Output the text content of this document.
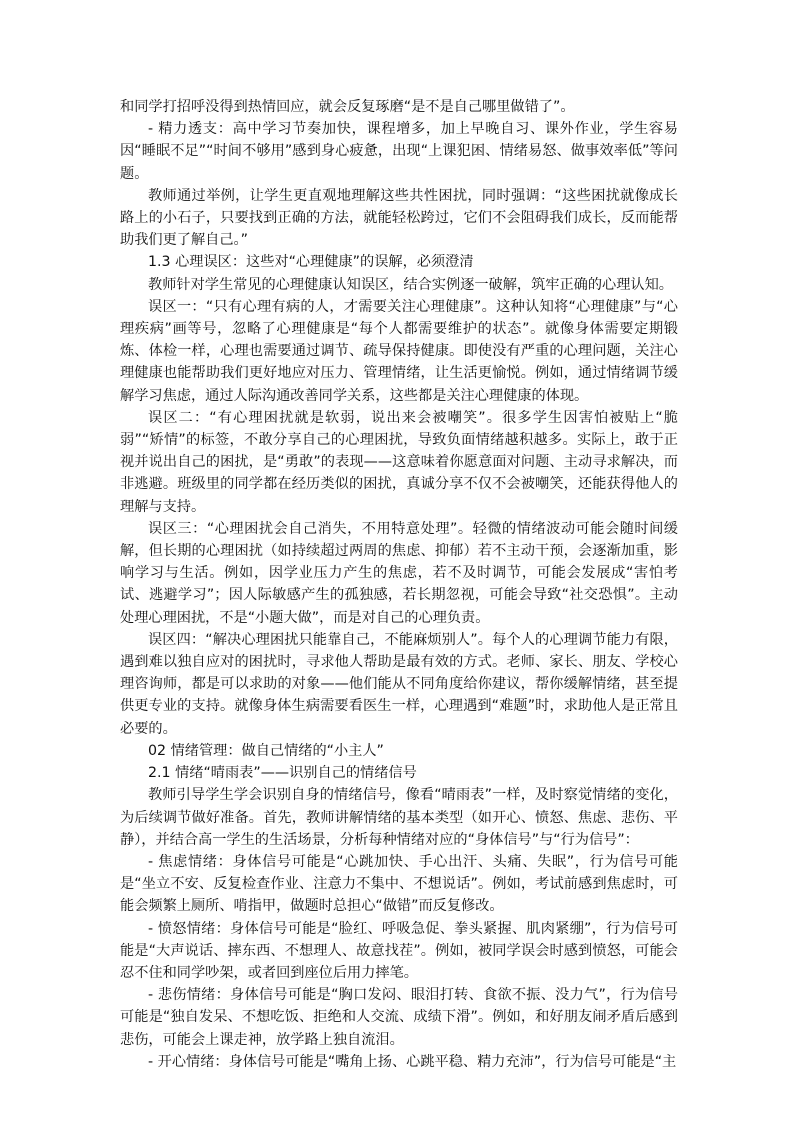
和同学打招呼没得到热情回应，就会反复琢磨“是不是自己哪里做错了”。

- 精力透支：高中学习节奏加快，课程增多，加上早晚自习、课外作业，学生容易因“睡眠不足”“时间不够用”感到身心疲惫，出现“上课犯困、情绪易怒、做事效率低”等问题。

教师通过举例，让学生更直观地理解这些共性困扰，同时强调：“这些困扰就像成长路上的小石子，只要找到正确的方法，就能轻松跨过，它们不会阻碍我们成长，反而能帮助我们更了解自己。”

1.3 心理误区：这些对“心理健康”的误解，必须澄清

教师针对学生常见的心理健康认知误区，结合实例逐一破解，筑牢正确的心理认知。

误区一：“只有心理有病的人，才需要关注心理健康”。这种认知将“心理健康”与“心理疾病”画等号，忽略了心理健康是“每个人都需要维护的状态”。就像身体需要定期锻炼、体检一样，心理也需要通过调节、疏导保持健康。即使没有严重的心理问题，关注心理健康也能帮助我们更好地应对压力、管理情绪，让生活更愉悦。例如，通过情绪调节缓解学习焦虑，通过人际沟通改善同学关系，这些都是关注心理健康的体现。

误区二：“有心理困扰就是软弱，说出来会被嘲笑”。很多学生因害怕被贴上“脆弱”“矫情”的标签，不敢分享自己的心理困扰，导致负面情绪越积越多。实际上，敢于正视并说出自己的困扰，是“勇敢”的表现——这意味着你愿意面对问题、主动寻求解决，而非逃避。班级里的同学都在经历类似的困扰，真诚分享不仅不会被嘲笑，还能获得他人的理解与支持。

误区三：“心理困扰会自己消失，不用特意处理”。轻微的情绪波动可能会随时间缓解，但长期的心理困扰（如持续超过两周的焦虑、抑郁）若不主动干预，会逐渐加重，影响学习与生活。例如，因学业压力产生的焦虑，若不及时调节，可能会发展成“害怕考试、逃避学习”；因人际敏感产生的孤独感，若长期忽视，可能会导致“社交恐惧”。主动处理心理困扰，不是“小题大做”，而是对自己的心理负责。

误区四：“解决心理困扰只能靠自己，不能麻烦别人”。每个人的心理调节能力有限，遇到难以独自应对的困扰时，寻求他人帮助是最有效的方式。老师、家长、朋友、学校心理咨询师，都是可以求助的对象——他们能从不同角度给你建议，帮你缓解情绪，甚至提供更专业的支持。就像身体生病需要看医生一样，心理遇到“难题”时，求助他人是正常且必要的。

02 情绪管理：做自己情绪的“小主人”

2.1 情绪“晴雨表”——识别自己的情绪信号

教师引导学生学会识别自身的情绪信号，像看“晴雨表”一样，及时察觉情绪的变化，为后续调节做好准备。首先，教师讲解情绪的基本类型（如开心、愤怒、焦虑、悲伤、平静），并结合高一学生的生活场景，分析每种情绪对应的“身体信号”与“行为信号”：

- 焦虑情绪：身体信号可能是“心跳加快、手心出汗、头痛、失眠”，行为信号可能是“坐立不安、反复检查作业、注意力不集中、不想说话”。例如，考试前感到焦虑时，可能会频繁上厕所、啃指甲，做题时总担心“做错”而反复修改。

- 愤怒情绪：身体信号可能是“脸红、呼吸急促、拳头紧握、肌肉紧绷”，行为信号可能是“大声说话、摔东西、不想理人、故意找茬”。例如，被同学误会时感到愤怒，可能会忍不住和同学吵架，或者回到座位后用力摔笔。

- 悲伤情绪：身体信号可能是“胸口发闷、眼泪打转、食欲不振、没力气”，行为信号可能是“独自发呆、不想吃饭、拒绝和人交流、成绩下滑”。例如，和好朋友闹矛盾后感到悲伤，可能会上课走神，放学路上独自流泪。

- 开心情绪：身体信号可能是“嘴角上扬、心跳平稳、精力充沛”，行为信号可能是“主
